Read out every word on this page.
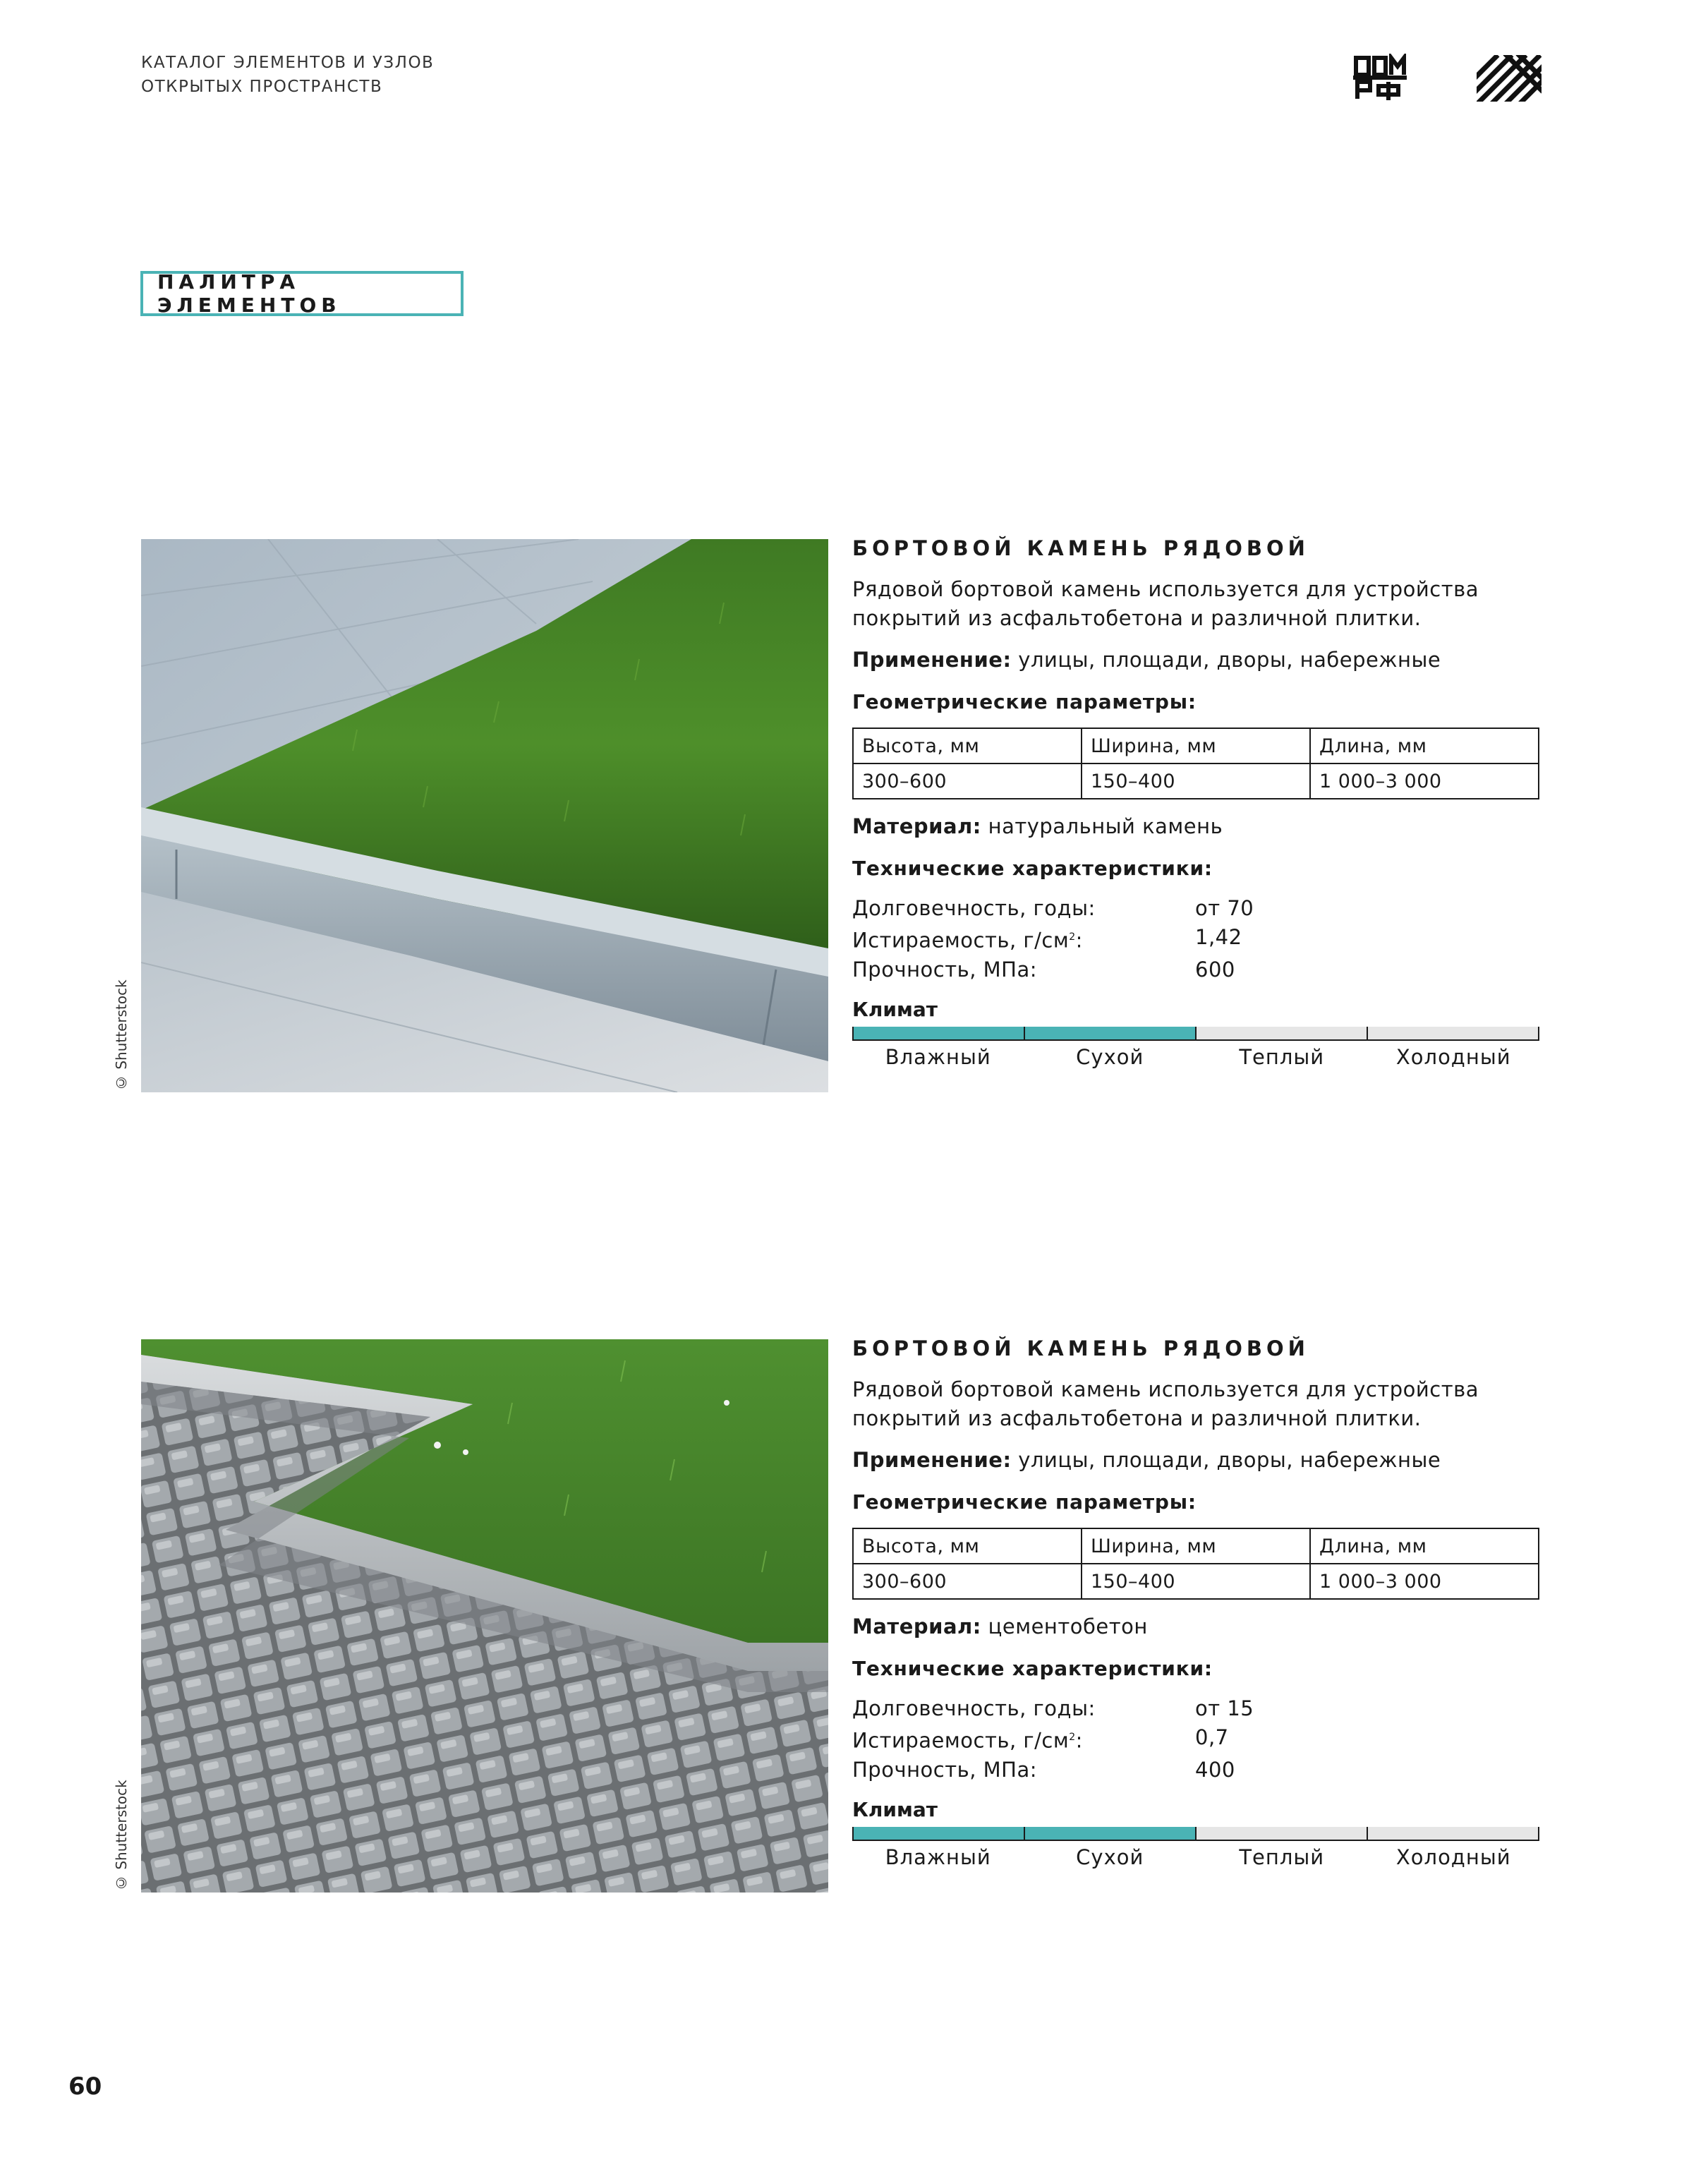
КАТАЛОГ ЭЛЕМЕНТОВ И УЗЛОВ
ОТКРЫТЫХ ПРОСТРАНСТВ
ПАЛИТРА ЭЛЕМЕНТОВ
© Shutterstock
БОРТОВОЙ КАМЕНЬ РЯДОВОЙ
Рядовой бортовой камень используется для устройства покрытий из асфальтобетона и различной плитки.
Применение: улицы, площади, дворы, набережные
Геометрические параметры:
Высота, мм	Ширина, мм	Длина, мм
300–600	150–400	1 000–3 000
Материал: натуральный камень
Технические характеристики:
Долговечность, годы:	от 70
Истираемость, $г/см^2$:	1,42
Прочность, МПа:	600
Климат
Влажный	Сухой	Теплый	Холодный
© Shutterstock
БОРТОВОЙ КАМЕНЬ РЯДОВОЙ
Рядовой бортовой камень используется для устройства покрытий из асфальтобетона и различной плитки.
Применение: улицы, площади, дворы, набережные
Геометрические параметры:
Высота, мм	Ширина, мм	Длина, мм
300–600	150–400	1 000–3 000
Материал: цементобетон
Технические характеристики:
Долговечность, годы:	от 15
Истираемость, $г/см^2$:	0,7
Прочность, МПа:	400
Климат
Влажный	Сухой	Теплый	Холодный
60
